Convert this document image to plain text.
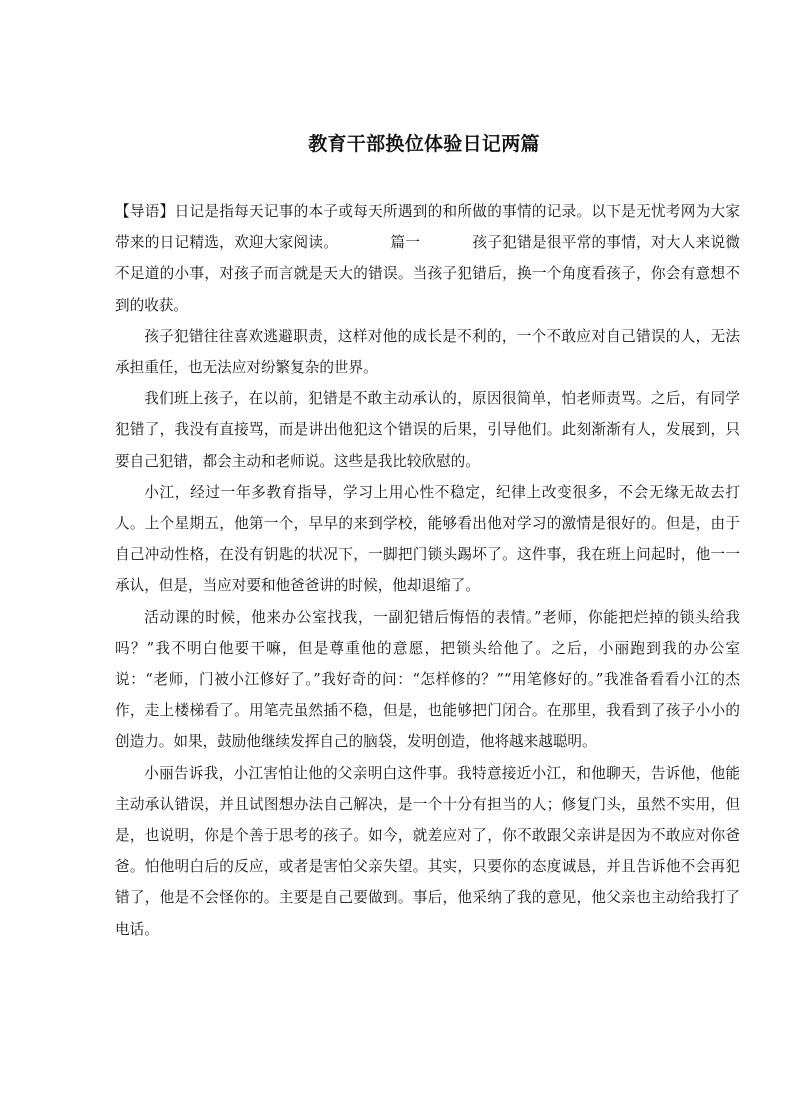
教育干部换位体验日记两篇

【导语】日记是指每天记事的本子或每天所遇到的和所做的事情的记录。以下是无忧考网为大家带来的日记精选，欢迎大家阅读。	篇一	孩子犯错是很平常的事情，对大人来说微不足道的小事，对孩子而言就是天大的错误。当孩子犯错后，换一个角度看孩子，你会有意想不到的收获。

孩子犯错往往喜欢逃避职责，这样对他的成长是不利的，一个不敢应对自己错误的人，无法承担重任，也无法应对纷繁复杂的世界。

我们班上孩子，在以前，犯错是不敢主动承认的，原因很简单，怕老师责骂。之后，有同学犯错了，我没有直接骂，而是讲出他犯这个错误的后果，引导他们。此刻渐渐有人，发展到，只要自己犯错，都会主动和老师说。这些是我比较欣慰的。

小江，经过一年多教育指导，学习上用心性不稳定，纪律上改变很多，不会无缘无故去打人。上个星期五，他第一个，早早的来到学校，能够看出他对学习的激情是很好的。但是，由于自己冲动性格，在没有钥匙的状况下，一脚把门锁头踢坏了。这件事，我在班上问起时，他一一承认，但是，当应对要和他爸爸讲的时候，他却退缩了。

活动课的时候，他来办公室找我，一副犯错后悔悟的表情。”老师，你能把烂掉的锁头给我吗？”我不明白他要干嘛，但是尊重他的意愿，把锁头给他了。之后，小丽跑到我的办公室说：“老师，门被小江修好了。”我好奇的问：“怎样修的？”“用笔修好的。”我准备看看小江的杰作，走上楼梯看了。用笔壳虽然插不稳，但是，也能够把门闭合。在那里，我看到了孩子小小的创造力。如果，鼓励他继续发挥自己的脑袋，发明创造，他将越来越聪明。

小丽告诉我，小江害怕让他的父亲明白这件事。我特意接近小江，和他聊天，告诉他，他能主动承认错误，并且试图想办法自己解决，是一个十分有担当的人；修复门头，虽然不实用，但是，也说明，你是个善于思考的孩子。如今，就差应对了，你不敢跟父亲讲是因为不敢应对你爸爸。怕他明白后的反应，或者是害怕父亲失望。其实，只要你的态度诚恳，并且告诉他不会再犯错了，他是不会怪你的。主要是自己要做到。事后，他采纳了我的意见，他父亲也主动给我打了电话。
